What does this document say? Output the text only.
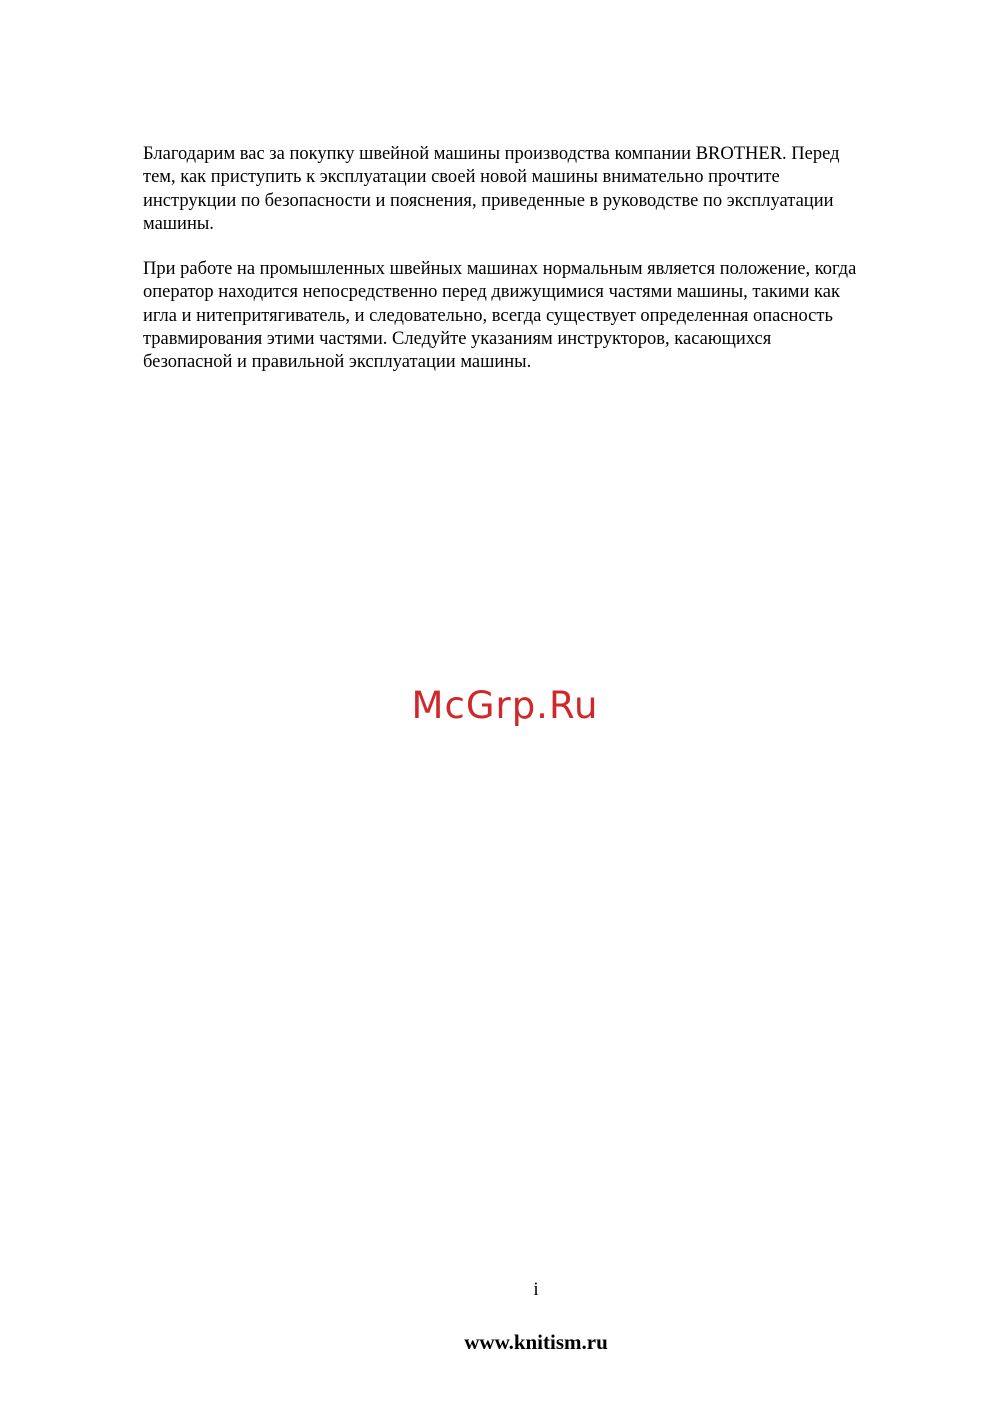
Благодарим вас за покупку швейной машины производства компании BROTHER. Перед
тем, как приступить к эксплуатации своей новой машины внимательно прочтите
инструкции по безопасности и пояснения, приведенные в руководстве по эксплуатации
машины.

При работе на промышленных швейных машинах нормальным является положение, когда
оператор находится непосредственно перед движущимися частями машины, такими как
игла и нитепритягиватель, и следовательно, всегда существует определенная опасность
травмирования этими частями. Следуйте указаниям инструкторов, касающихся
безопасной и правильной эксплуатации машины.

McGrp.Ru
i
www.knitism.ru
